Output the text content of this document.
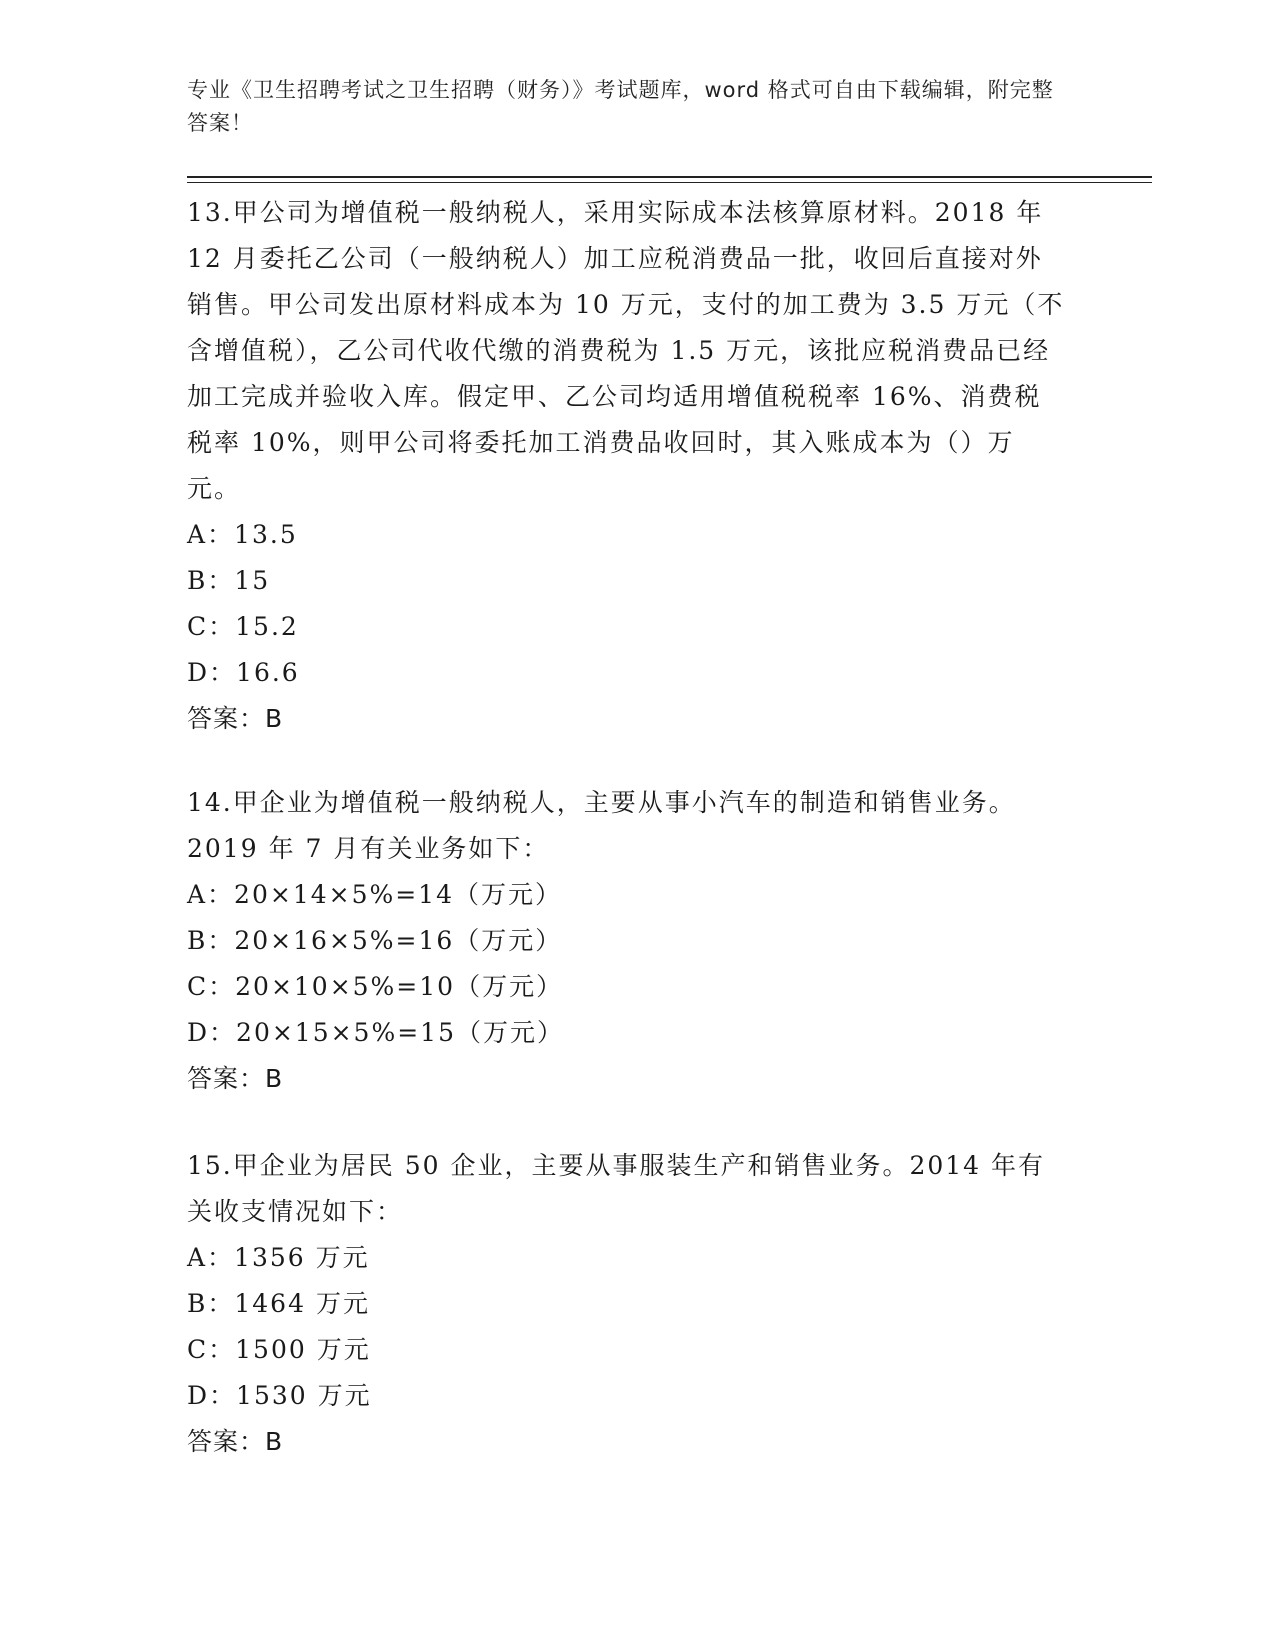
专业《卫生招聘考试之卫生招聘（财务）》考试题库，word 格式可自由下载编辑，附完整答案！

13.甲公司为增值税一般纳税人，采用实际成本法核算原材料。2018 年 12 月委托乙公司（一般纳税人）加工应税消费品一批，收回后直接对外销售。甲公司发出原材料成本为 10 万元，支付的加工费为 3.5 万元（不含增值税），乙公司代收代缴的消费税为 1.5 万元，该批应税消费品已经加工完成并验收入库。假定甲、乙公司均适用增值税税率 16%、消费税税率 10%，则甲公司将委托加工消费品收回时，其入账成本为（）万元。

A：13.5

B：15

C：15.2

D：16.6

答案：B

14.甲企业为增值税一般纳税人，主要从事小汽车的制造和销售业务。2019 年 7 月有关业务如下：

A：20×14×5%=14（万元）

B：20×16×5%=16（万元）

C：20×10×5%=10（万元）

D：20×15×5%=15（万元）

答案：B

15.甲企业为居民 50 企业，主要从事服装生产和销售业务。2014 年有关收支情况如下：

A：1356 万元

B：1464 万元

C：1500 万元

D：1530 万元

答案：B
